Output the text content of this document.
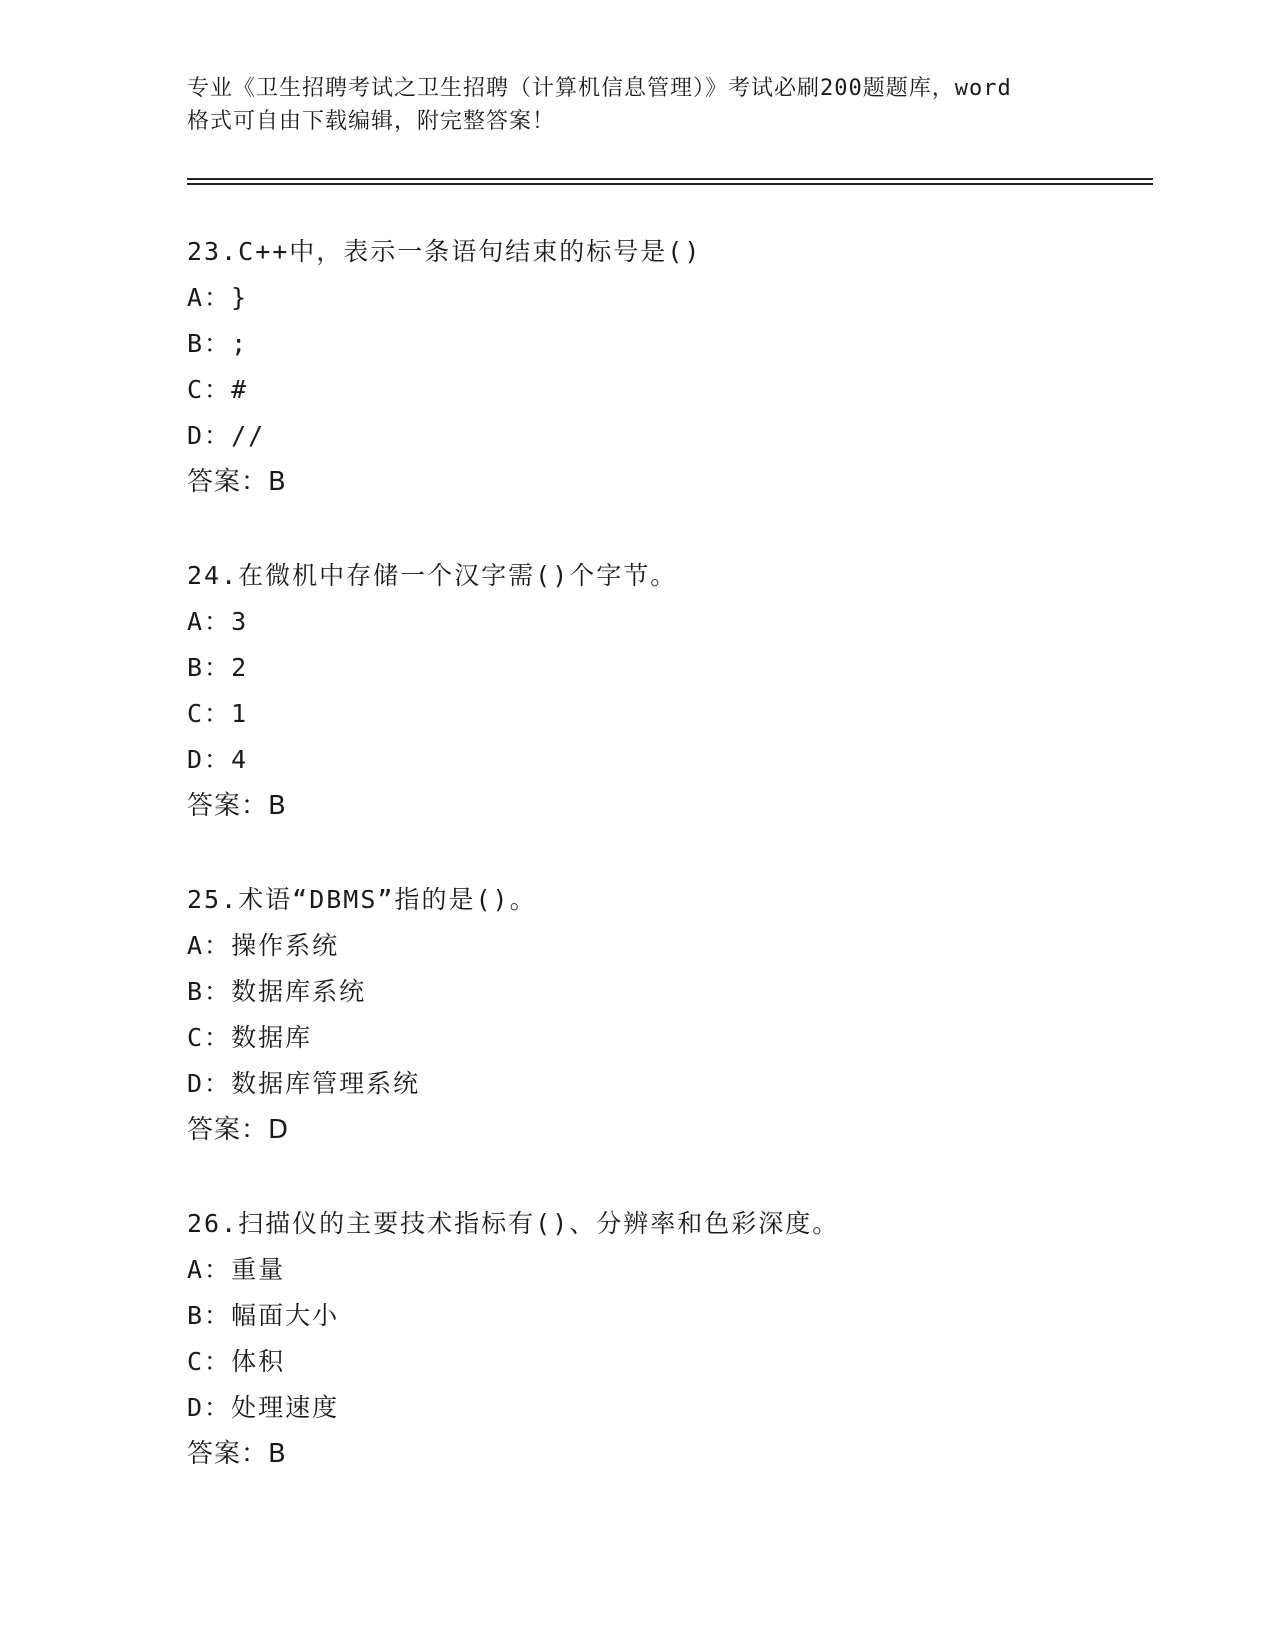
专业《卫生招聘考试之卫生招聘（计算机信息管理）》考试必刷200题题库，word
格式可自由下载编辑，附完整答案！
23.C++中，表示一条语句结束的标号是()
A：}
B：;
C：#
D：//
答案：B
24.在微机中存储一个汉字需()个字节。
A：3
B：2
C：1
D：4
答案：B
25.术语“DBMS”指的是()。
A：操作系统
B：数据库系统
C：数据库
D：数据库管理系统
答案：D
26.扫描仪的主要技术指标有()、分辨率和色彩深度。
A：重量
B：幅面大小
C：体积
D：处理速度
答案：B
